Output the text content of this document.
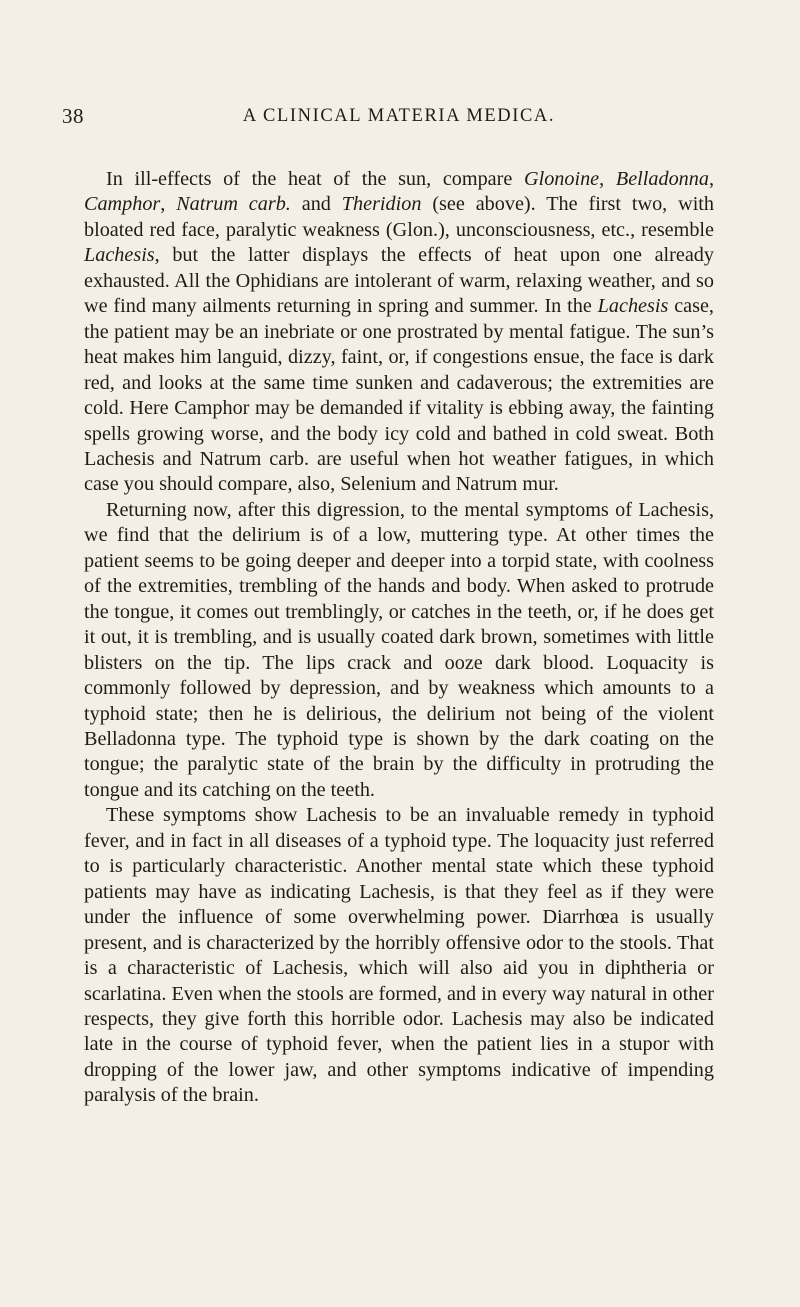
38	A CLINICAL MATERIA MEDICA.

In ill-effects of the heat of the sun, compare Glonoine, Belladonna, Camphor, Natrum carb. and Theridion (see above). The first two, with bloated red face, paralytic weakness (Glon.), unconsciousness, etc., resemble Lachesis, but the latter displays the effects of heat upon one already exhausted. All the Ophidians are intolerant of warm, relaxing weather, and so we find many ailments returning in spring and summer. In the Lachesis case, the patient may be an inebriate or one prostrated by mental fatigue. The sun’s heat makes him languid, dizzy, faint, or, if congestions ensue, the face is dark red, and looks at the same time sunken and cadaverous; the extremities are cold. Here Camphor may be demanded if vitality is ebbing away, the fainting spells growing worse, and the body icy cold and bathed in cold sweat. Both Lachesis and Natrum carb. are useful when hot weather fatigues, in which case you should compare, also, Selenium and Natrum mur.

Returning now, after this digression, to the mental symptoms of Lachesis, we find that the delirium is of a low, muttering type. At other times the patient seems to be going deeper and deeper into a torpid state, with coolness of the extremities, trembling of the hands and body. When asked to protrude the tongue, it comes out tremblingly, or catches in the teeth, or, if he does get it out, it is trembling, and is usually coated dark brown, sometimes with little blisters on the tip. The lips crack and ooze dark blood. Loquacity is commonly followed by depression, and by weakness which amounts to a typhoid state; then he is delirious, the delirium not being of the violent Belladonna type. The typhoid type is shown by the dark coating on the tongue; the paralytic state of the brain by the difficulty in protruding the tongue and its catching on the teeth.

These symptoms show Lachesis to be an invaluable remedy in typhoid fever, and in fact in all diseases of a typhoid type. The loquacity just referred to is particularly characteristic. Another mental state which these typhoid patients may have as indicating Lachesis, is that they feel as if they were under the influence of some overwhelming power. Diarrhœa is usually present, and is characterized by the horribly offensive odor to the stools. That is a characteristic of Lachesis, which will also aid you in diphtheria or scarlatina. Even when the stools are formed, and in every way natural in other respects, they give forth this horrible odor. Lachesis may also be indicated late in the course of typhoid fever, when the patient lies in a stupor with dropping of the lower jaw, and other symptoms indicative of impending paralysis of the brain.
